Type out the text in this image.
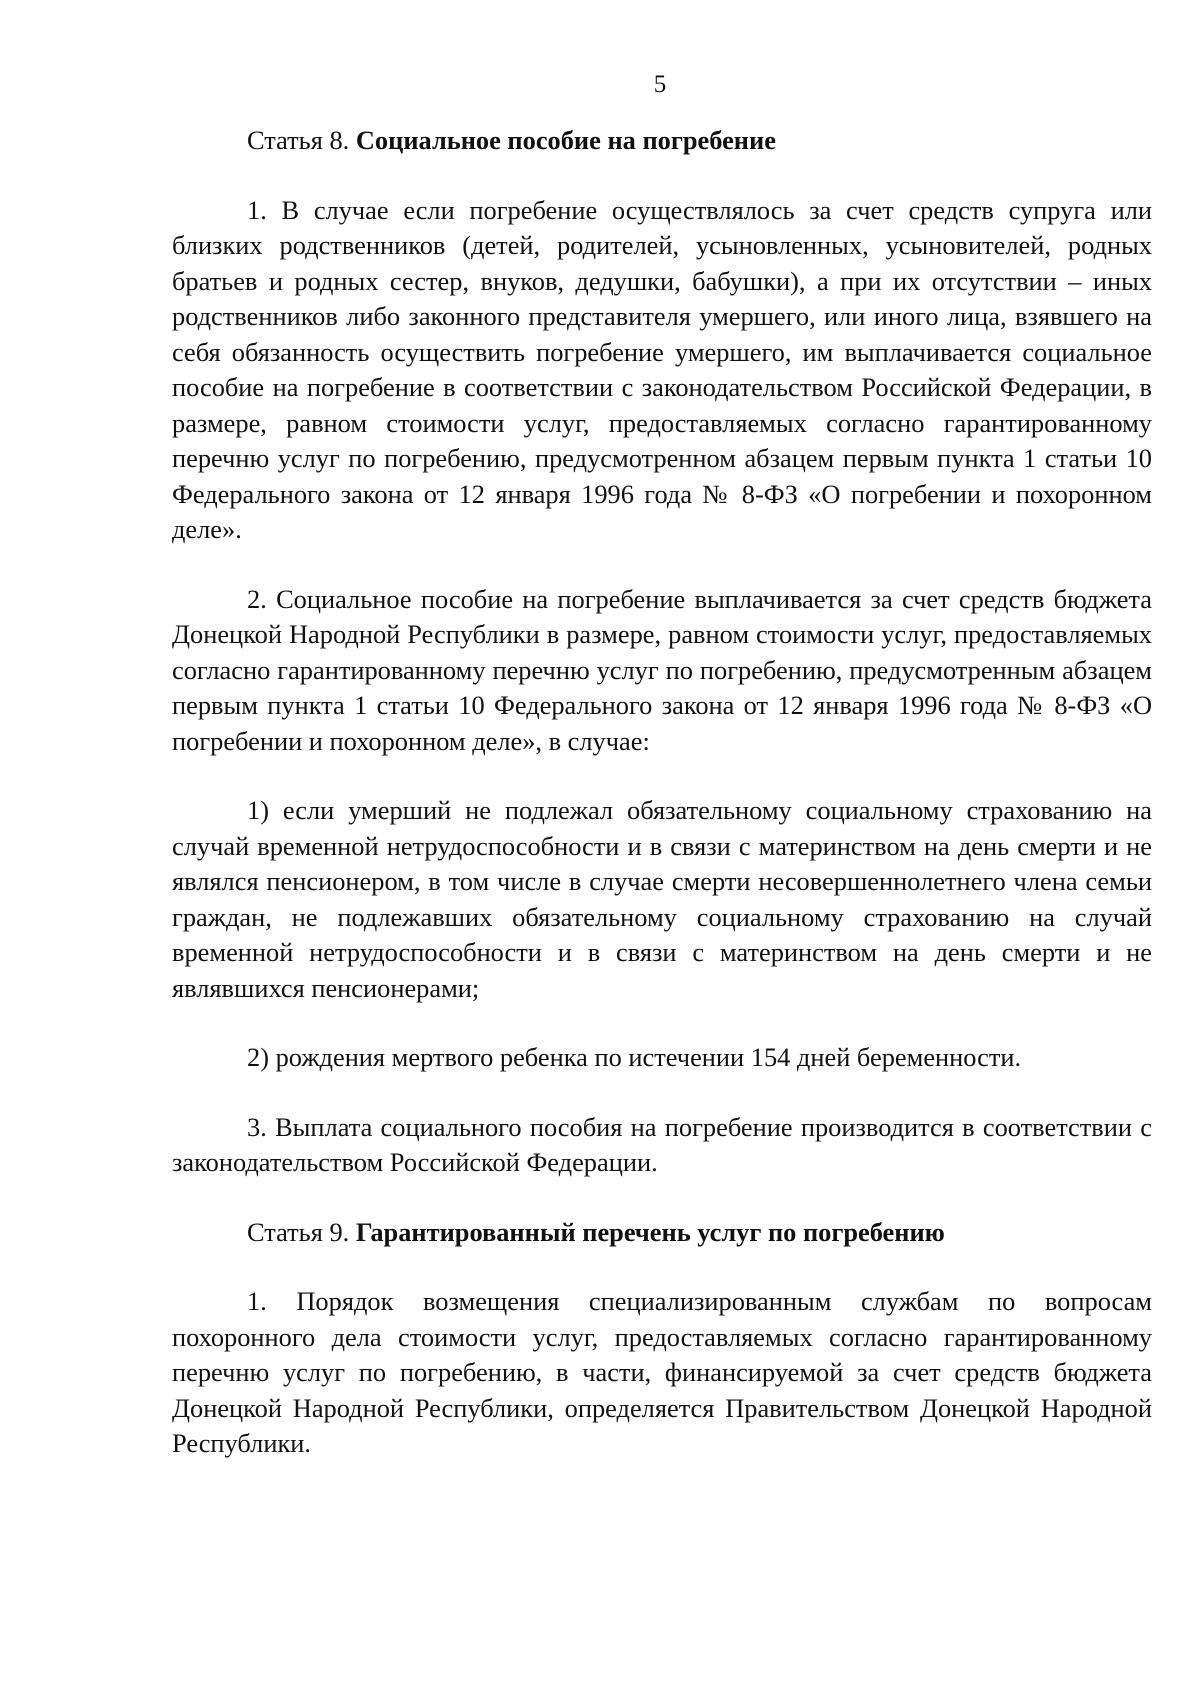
5

Статья 8. Социальное пособие на погребение

1. В случае если погребение осуществлялось за счет средств супруга или близких родственников (детей, родителей, усыновленных, усыновителей, родных братьев и родных сестер, внуков, дедушки, бабушки), а при их отсутствии – иных родственников либо законного представителя умершего, или иного лица, взявшего на себя обязанность осуществить погребение умершего, им выплачивается социальное пособие на погребение в соответствии с законодательством Российской Федерации, в размере, равном стоимости услуг, предоставляемых согласно гарантированному перечню услуг по погребению, предусмотренном абзацем первым пункта 1 статьи 10 Федерального закона от 12 января 1996 года № 8-ФЗ «О погребении и похоронном деле».

2. Социальное пособие на погребение выплачивается за счет средств бюджета Донецкой Народной Республики в размере, равном стоимости услуг, предоставляемых согласно гарантированному перечню услуг по погребению, предусмотренным абзацем первым пункта 1 статьи 10 Федерального закона от 12 января 1996 года № 8-ФЗ «О погребении и похоронном деле», в случае:

1) если умерший не подлежал обязательному социальному страхованию на случай временной нетрудоспособности и в связи с материнством на день смерти и не являлся пенсионером, в том числе в случае смерти несовершеннолетнего члена семьи граждан, не подлежавших обязательному социальному страхованию на случай временной нетрудоспособности и в связи с материнством на день смерти и не являвшихся пенсионерами;

2) рождения мертвого ребенка по истечении 154 дней беременности.

3. Выплата социального пособия на погребение производится в соответствии с законодательством Российской Федерации.

Статья 9. Гарантированный перечень услуг по погребению

1. Порядок возмещения специализированным службам по вопросам похоронного дела стоимости услуг, предоставляемых согласно гарантированному перечню услуг по погребению, в части, финансируемой за счет средств бюджета Донецкой Народной Республики, определяется Правительством Донецкой Народной Республики.
